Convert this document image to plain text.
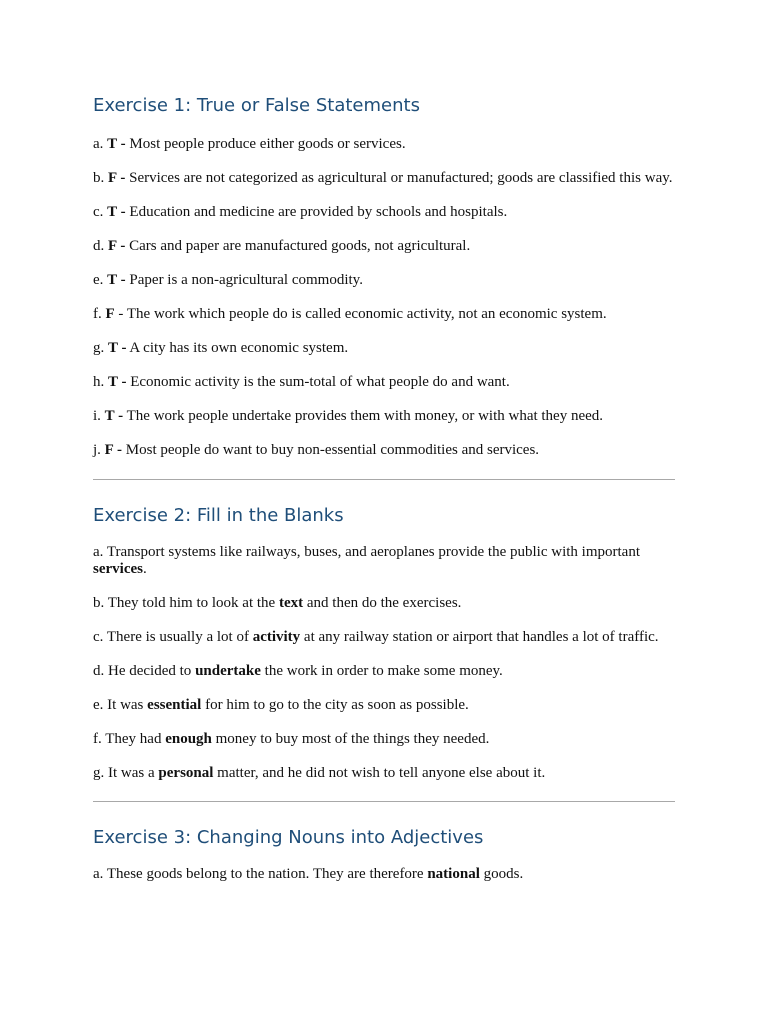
Exercise 1: True or False Statements

a. T - Most people produce either goods or services.

b. F - Services are not categorized as agricultural or manufactured; goods are classified this way.

c. T - Education and medicine are provided by schools and hospitals.

d. F - Cars and paper are manufactured goods, not agricultural.

e. T - Paper is a non-agricultural commodity.

f. F - The work which people do is called economic activity, not an economic system.

g. T - A city has its own economic system.

h. T - Economic activity is the sum-total of what people do and want.

i. T - The work people undertake provides them with money, or with what they need.

j. F - Most people do want to buy non-essential commodities and services.

Exercise 2: Fill in the Blanks

a. Transport systems like railways, buses, and aeroplanes provide the public with important services.

b. They told him to look at the text and then do the exercises.

c. There is usually a lot of activity at any railway station or airport that handles a lot of traffic.

d. He decided to undertake the work in order to make some money.

e. It was essential for him to go to the city as soon as possible.

f. They had enough money to buy most of the things they needed.

g. It was a personal matter, and he did not wish to tell anyone else about it.

Exercise 3: Changing Nouns into Adjectives

a. These goods belong to the nation. They are therefore national goods.
